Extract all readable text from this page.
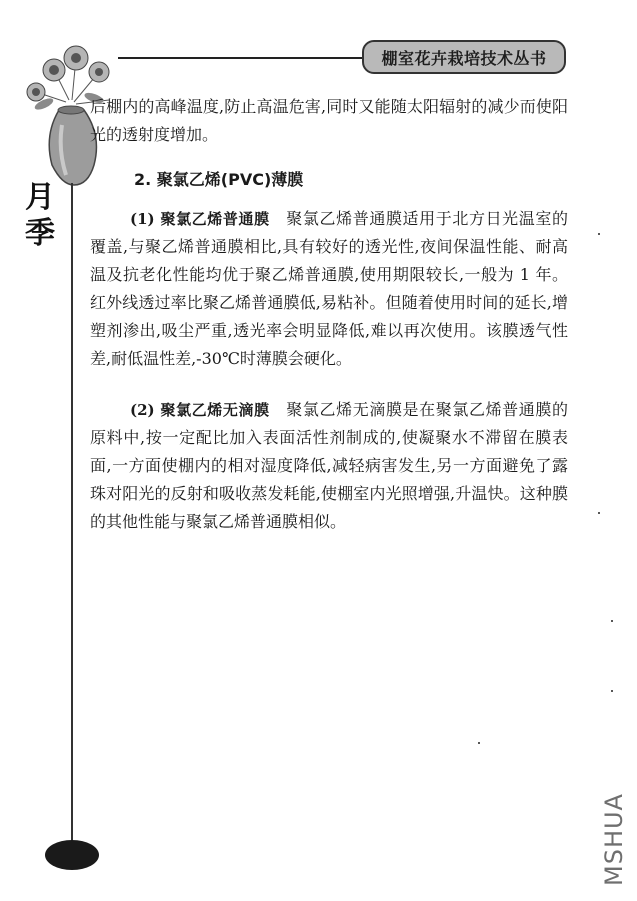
棚室花卉栽培技术丛书
月季
后棚内的高峰温度,防止高温危害,同时又能随太阳辐射的减少而使阳光的透射度增加。
2. 聚氯乙烯(PVC)薄膜
(1) 聚氯乙烯普通膜  聚氯乙烯普通膜适用于北方日光温室的覆盖,与聚乙烯普通膜相比,具有较好的透光性,夜间保温性能、耐高温及抗老化性能均优于聚乙烯普通膜,使用期限较长,一般为 1 年。红外线透过率比聚乙烯普通膜低,易粘补。但随着使用时间的延长,增塑剂渗出,吸尘严重,透光率会明显降低,难以再次使用。该膜透气性差,耐低温性差,-30℃时薄膜会硬化。
(2) 聚氯乙烯无滴膜  聚氯乙烯无滴膜是在聚氯乙烯普通膜的原料中,按一定配比加入表面活性剂制成的,使凝聚水不滞留在膜表面,一方面使棚内的相对湿度降低,减轻病害发生,另一方面避免了露珠对阳光的反射和吸收蒸发耗能,使棚室内光照增强,升温快。这种膜的其他性能与聚氯乙烯普通膜相似。
MSHUA
